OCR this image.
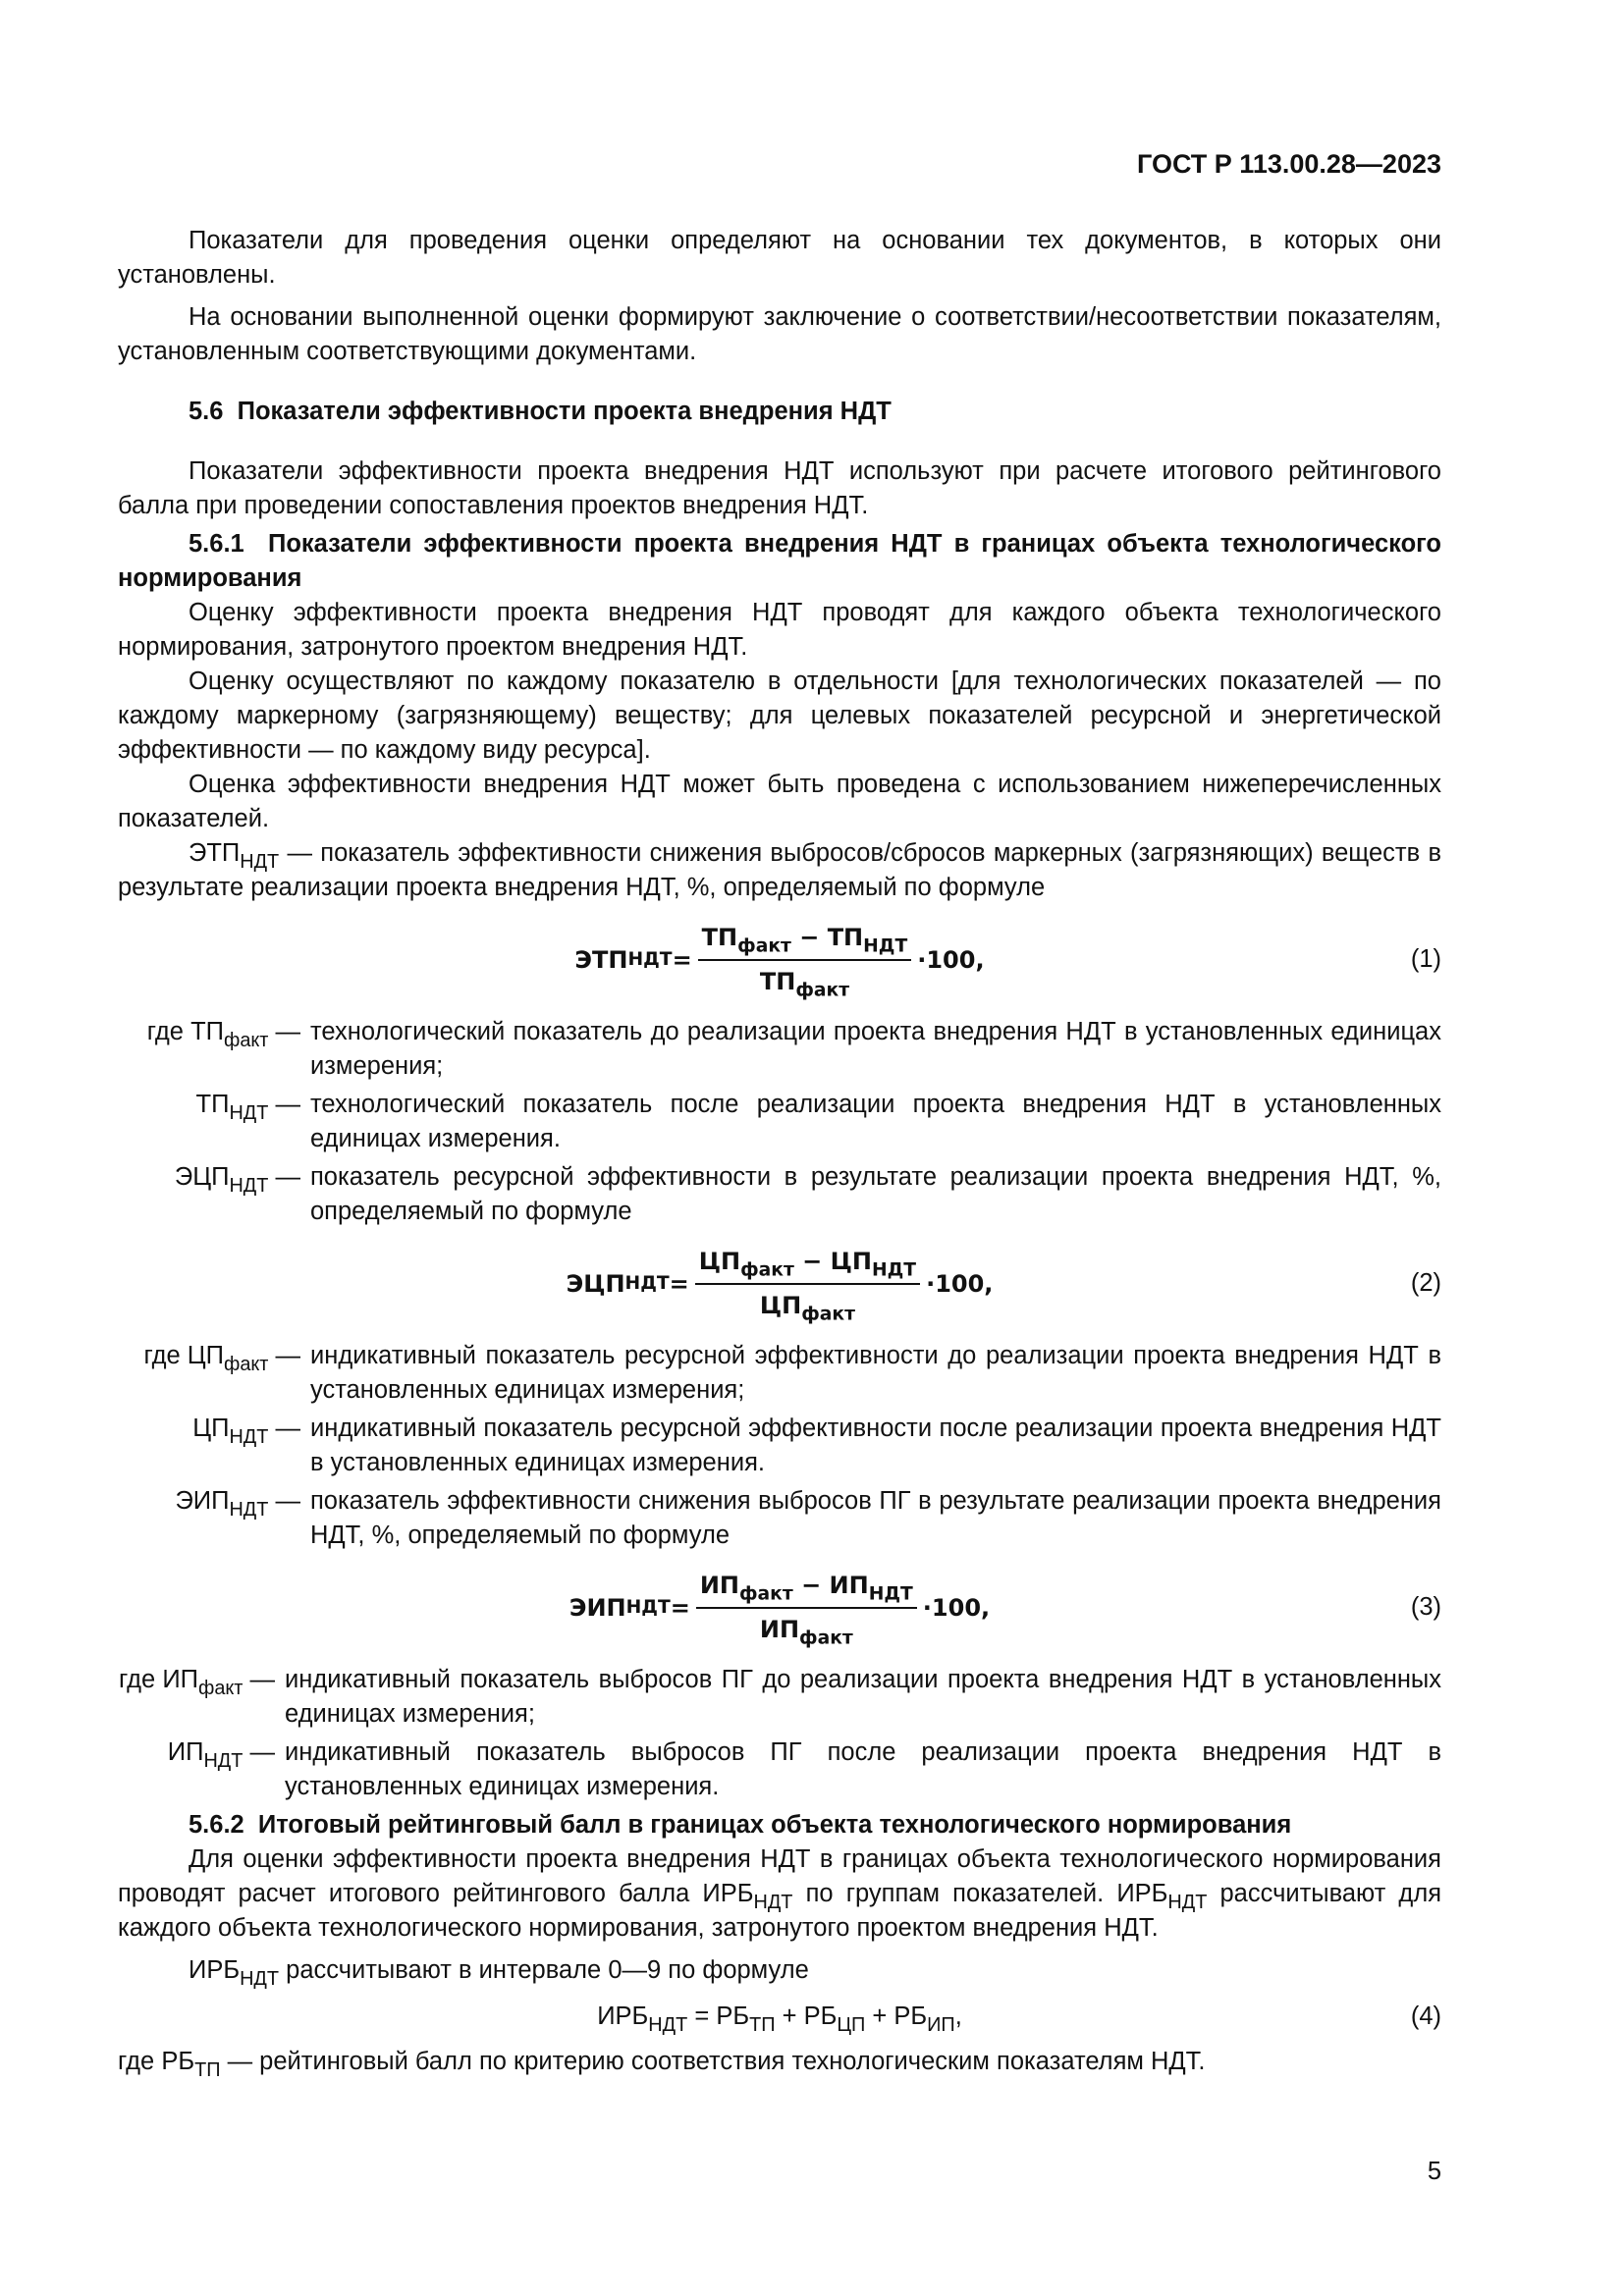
ГОСТ Р 113.00.28—2023

Показатели для проведения оценки определяют на основании тех документов, в которых они установлены.

На основании выполненной оценки формируют заключение о соответствии/несоответствии показателям, установленным соответствующими документами.

5.6 Показатели эффективности проекта внедрения НДТ

Показатели эффективности проекта внедрения НДТ используют при расчете итогового рейтингового балла при проведении сопоставления проектов внедрения НДТ.

5.6.1 Показатели эффективности проекта внедрения НДТ в границах объекта технологического нормирования

Оценку эффективности проекта внедрения НДТ проводят для каждого объекта технологического нормирования, затронутого проектом внедрения НДТ.

Оценку осуществляют по каждому показателю в отдельности [для технологических показателей — по каждому маркерному (загрязняющему) веществу; для целевых показателей ресурсной и энергетической эффективности — по каждому виду ресурса].

Оценка эффективности внедрения НДТ может быть проведена с использованием нижеперечисленных показателей.

$ЭТП_{НДТ}$ — показатель эффективности снижения выбросов/сбросов маркерных (загрязняющих) веществ в результате реализации проекта внедрения НДТ, %, определяемый по формуле

ЭТП НДТ = $\frac{ТП_{факт} - ТП_{НДТ}}{ТП_{факт}} \cdot 100$,	(1)
где $ТП_{факт}$ — технологический показатель до реализации проекта внедрения НДТ в установленных единицах измерения;
$ТП_{НДТ}$ — технологический показатель после реализации проекта внедрения НДТ в установленных единицах измерения.
$ЭЦП_{НДТ}$ — показатель ресурсной эффективности в результате реализации проекта внедрения НДТ, %, определяемый по формуле
ЭЦП НДТ = $\frac{ЦП_{факт} - ЦП_{НДТ}}{ЦП_{факт}} \cdot 100$,	(2)
где $ЦП_{факт}$ — индикативный показатель ресурсной эффективности до реализации проекта внедрения НДТ в установленных единицах измерения;
$ЦП_{НДТ}$ — индикативный показатель ресурсной эффективности после реализации проекта внедрения НДТ в установленных единицах измерения.
$ЭИП_{НДТ}$ — показатель эффективности снижения выбросов ПГ в результате реализации проекта внедрения НДТ, %, определяемый по формуле
ЭИП НДТ = $\frac{ИП_{факт} - ИП_{НДТ}}{ИП_{факт}} \cdot 100$,	(3)
где $ИП_{факт}$ — индикативный показатель выбросов ПГ до реализации проекта внедрения НДТ в установленных единицах измерения;
$ИП_{НДТ}$ — индикативный показатель выбросов ПГ после реализации проекта внедрения НДТ в установленных единицах измерения.

5.6.2 Итоговый рейтинговый балл в границах объекта технологического нормирования

Для оценки эффективности проекта внедрения НДТ в границах объекта технологического нормирования проводят расчет итогового рейтингового балла $ИРБ_{НДТ}$ по группам показателей. $ИРБ_{НДТ}$ рассчитывают для каждого объекта технологического нормирования, затронутого проектом внедрения НДТ.

$ИРБ_{НДТ}$ рассчитывают в интервале 0—9 по формуле

$ИРБ_{НДТ} = РБ_{ТП} + РБ_{ЦП} + РБ_{ИП}$,	(4)

где $РБ_{ТП}$ — рейтинговый балл по критерию соответствия технологическим показателям НДТ.

5
